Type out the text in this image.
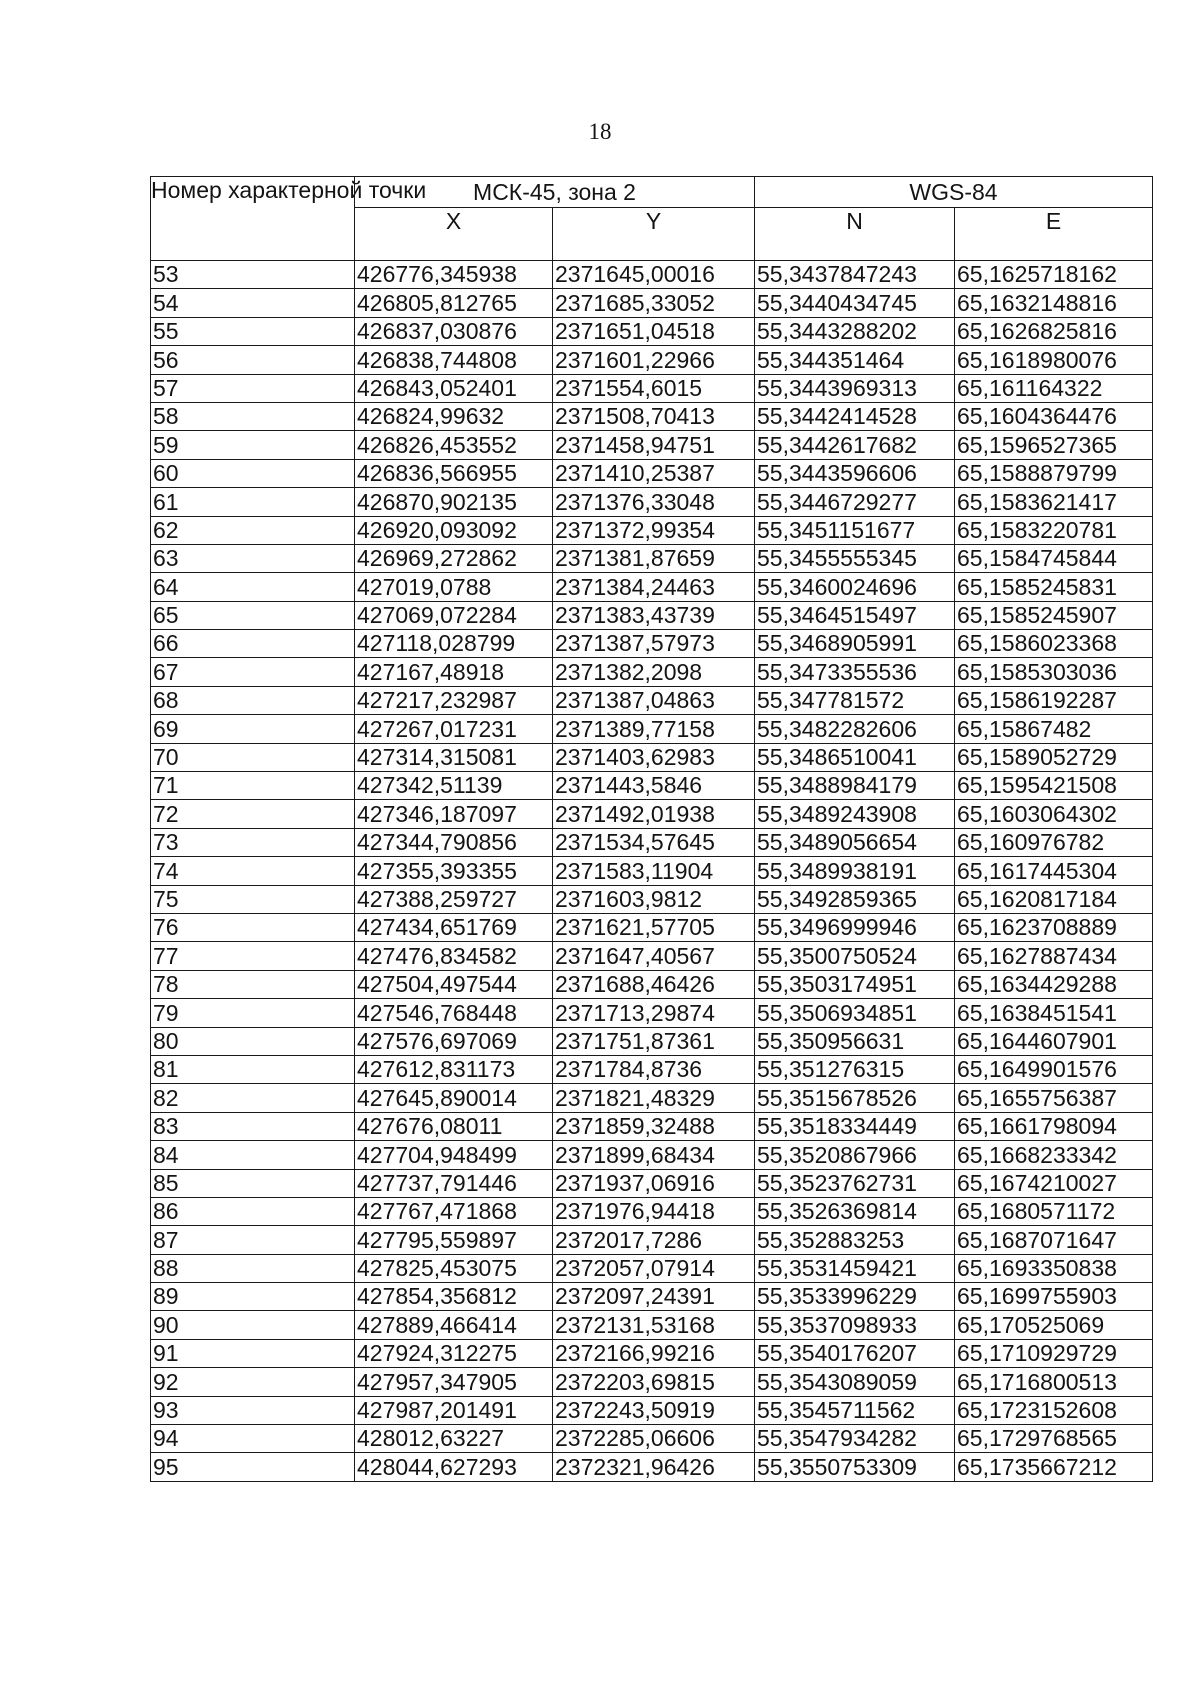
18
Номер характерной точки	МСК-45, зона 2		WGS-84	
	X	Y	N	E
53	426776,345938	2371645,00016	55,3437847243	65,1625718162
54	426805,812765	2371685,33052	55,3440434745	65,1632148816
55	426837,030876	2371651,04518	55,3443288202	65,1626825816
56	426838,744808	2371601,22966	55,344351464	65,1618980076
57	426843,052401	2371554,6015	55,3443969313	65,161164322
58	426824,99632	2371508,70413	55,3442414528	65,1604364476
59	426826,453552	2371458,94751	55,3442617682	65,1596527365
60	426836,566955	2371410,25387	55,3443596606	65,1588879799
61	426870,902135	2371376,33048	55,3446729277	65,1583621417
62	426920,093092	2371372,99354	55,3451151677	65,1583220781
63	426969,272862	2371381,87659	55,3455555345	65,1584745844
64	427019,0788	2371384,24463	55,3460024696	65,1585245831
65	427069,072284	2371383,43739	55,3464515497	65,1585245907
66	427118,028799	2371387,57973	55,3468905991	65,1586023368
67	427167,48918	2371382,2098	55,3473355536	65,1585303036
68	427217,232987	2371387,04863	55,347781572	65,1586192287
69	427267,017231	2371389,77158	55,3482282606	65,15867482
70	427314,315081	2371403,62983	55,3486510041	65,1589052729
71	427342,51139	2371443,5846	55,3488984179	65,1595421508
72	427346,187097	2371492,01938	55,3489243908	65,1603064302
73	427344,790856	2371534,57645	55,3489056654	65,160976782
74	427355,393355	2371583,11904	55,3489938191	65,1617445304
75	427388,259727	2371603,9812	55,3492859365	65,1620817184
76	427434,651769	2371621,57705	55,3496999946	65,1623708889
77	427476,834582	2371647,40567	55,3500750524	65,1627887434
78	427504,497544	2371688,46426	55,3503174951	65,1634429288
79	427546,768448	2371713,29874	55,3506934851	65,1638451541
80	427576,697069	2371751,87361	55,350956631	65,1644607901
81	427612,831173	2371784,8736	55,351276315	65,1649901576
82	427645,890014	2371821,48329	55,3515678526	65,1655756387
83	427676,08011	2371859,32488	55,3518334449	65,1661798094
84	427704,948499	2371899,68434	55,3520867966	65,1668233342
85	427737,791446	2371937,06916	55,3523762731	65,1674210027
86	427767,471868	2371976,94418	55,3526369814	65,1680571172
87	427795,559897	2372017,7286	55,352883253	65,1687071647
88	427825,453075	2372057,07914	55,3531459421	65,1693350838
89	427854,356812	2372097,24391	55,3533996229	65,1699755903
90	427889,466414	2372131,53168	55,3537098933	65,170525069
91	427924,312275	2372166,99216	55,3540176207	65,1710929729
92	427957,347905	2372203,69815	55,3543089059	65,1716800513
93	427987,201491	2372243,50919	55,3545711562	65,1723152608
94	428012,63227	2372285,06606	55,3547934282	65,1729768565
95	428044,627293	2372321,96426	55,3550753309	65,1735667212
